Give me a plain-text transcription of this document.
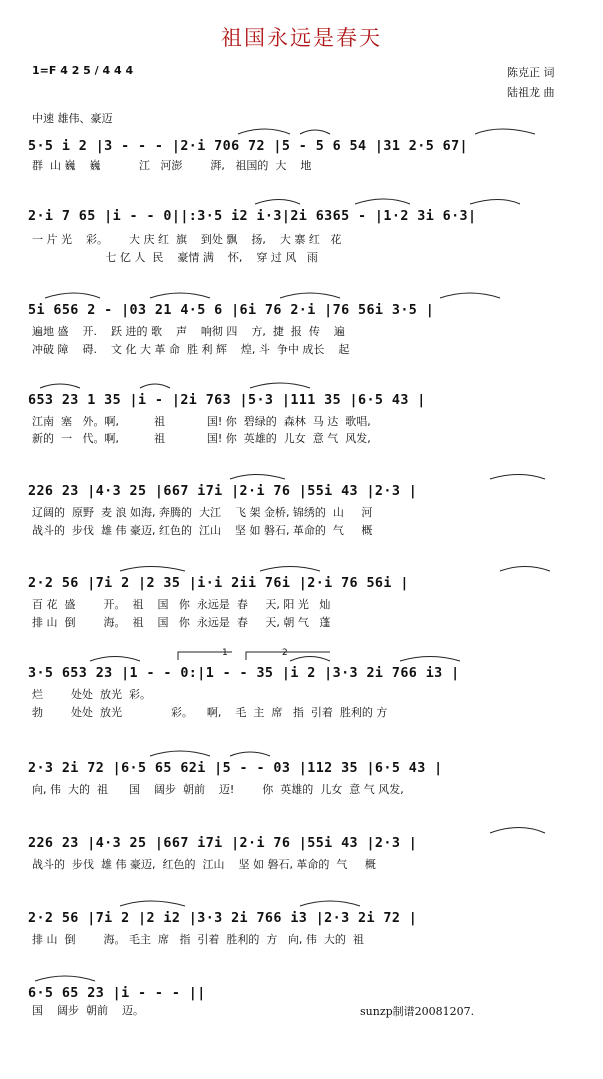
祖国永远是春天
1=F 4 2 5 / 4 4 4	陈克正 词
陆祖龙 曲
中速 雄伟、豪迈
5·5 i 2 |3 - - - |2·i 706 72 |5 - 5 6 54 |31 2·5 67|
群  山 巍    巍           江   河澎        湃,   祖国的  大    地
2·i 7 65 |i - - 0||:3·5 i2 i·3|2i 6365 - |1·2 3i 6·3|
一 片 光    彩。      大 庆 红  旗    到处 飘    扬,    大 寨 红   花
七 亿 人  民    豪情 满    怀,    穿 过 风   雨
5i 656 2 - |03 21 4·5 6 |6i 76 2·i |76 56i 3·5 |
遍地 盛    开.    跃 进的 歌    声    响彻 四    方,  捷  报  传    遍
冲破 障    碍.    文 化 大 革 命  胜 利 辉    煌, 斗  争中 成长    起
653 23 1 35 |i - |2i 763 |5·3 |111 35 |6·5 43 |
江南  塞   外。啊,          祖            国! 你  碧绿的  森林  马 达  歌唱,
新的  一   代。啊,          祖            国! 你  英雄的  儿女  意 气  风发,
226 23 |4·3 25 |667 i7i |2·i 76 |55i 43 |2·3 |
辽阔的  原野  麦 浪 如海, 奔腾的  大江    飞 架 金桥, 锦绣的  山     河
战斗的  步伐  雄 伟 豪迈, 红色的  江山    坚 如 磐石, 革命的  气     概
2·2 56 |7i 2 |2 35 |i·i 2ii 76i |2·i 76 56i |
百 花  盛        开。  祖    国   你  永远是  春     天, 阳 光   灿
排 山  倒        海。  祖    国   你  永远是  春     天, 朝 气   蓬
1	2
3·5 653 23 |1 - - 0:|1 - - 35 |i 2 |3·3 2i 766 i3 |
烂        处处  放光  彩。
勃        处处  放光              彩。    啊,    毛  主  席   指  引着  胜利的 方
2·3 2i 72 |6·5 65 62i |5 - - 03 |112 35 |6·5 43 |
向, 伟  大的  祖      国    阔步  朝前    迈!        你  英雄的  儿女  意 气 风发,
226 23 |4·3 25 |667 i7i |2·i 76 |55i 43 |2·3 |
战斗的  步伐  雄 伟 豪迈,  红色的  江山    坚 如 磐石, 革命的  气     概
2·2 56 |7i 2 |2 i2 |3·3 2i 766 i3 |2·3 2i 72 |
排 山  倒        海。 毛主  席   指  引着  胜利的  方   向, 伟  大的  祖
6·5 65 23 |i - - - ||
国    阔步  朝前    迈。	sunzp制谱20081207.
